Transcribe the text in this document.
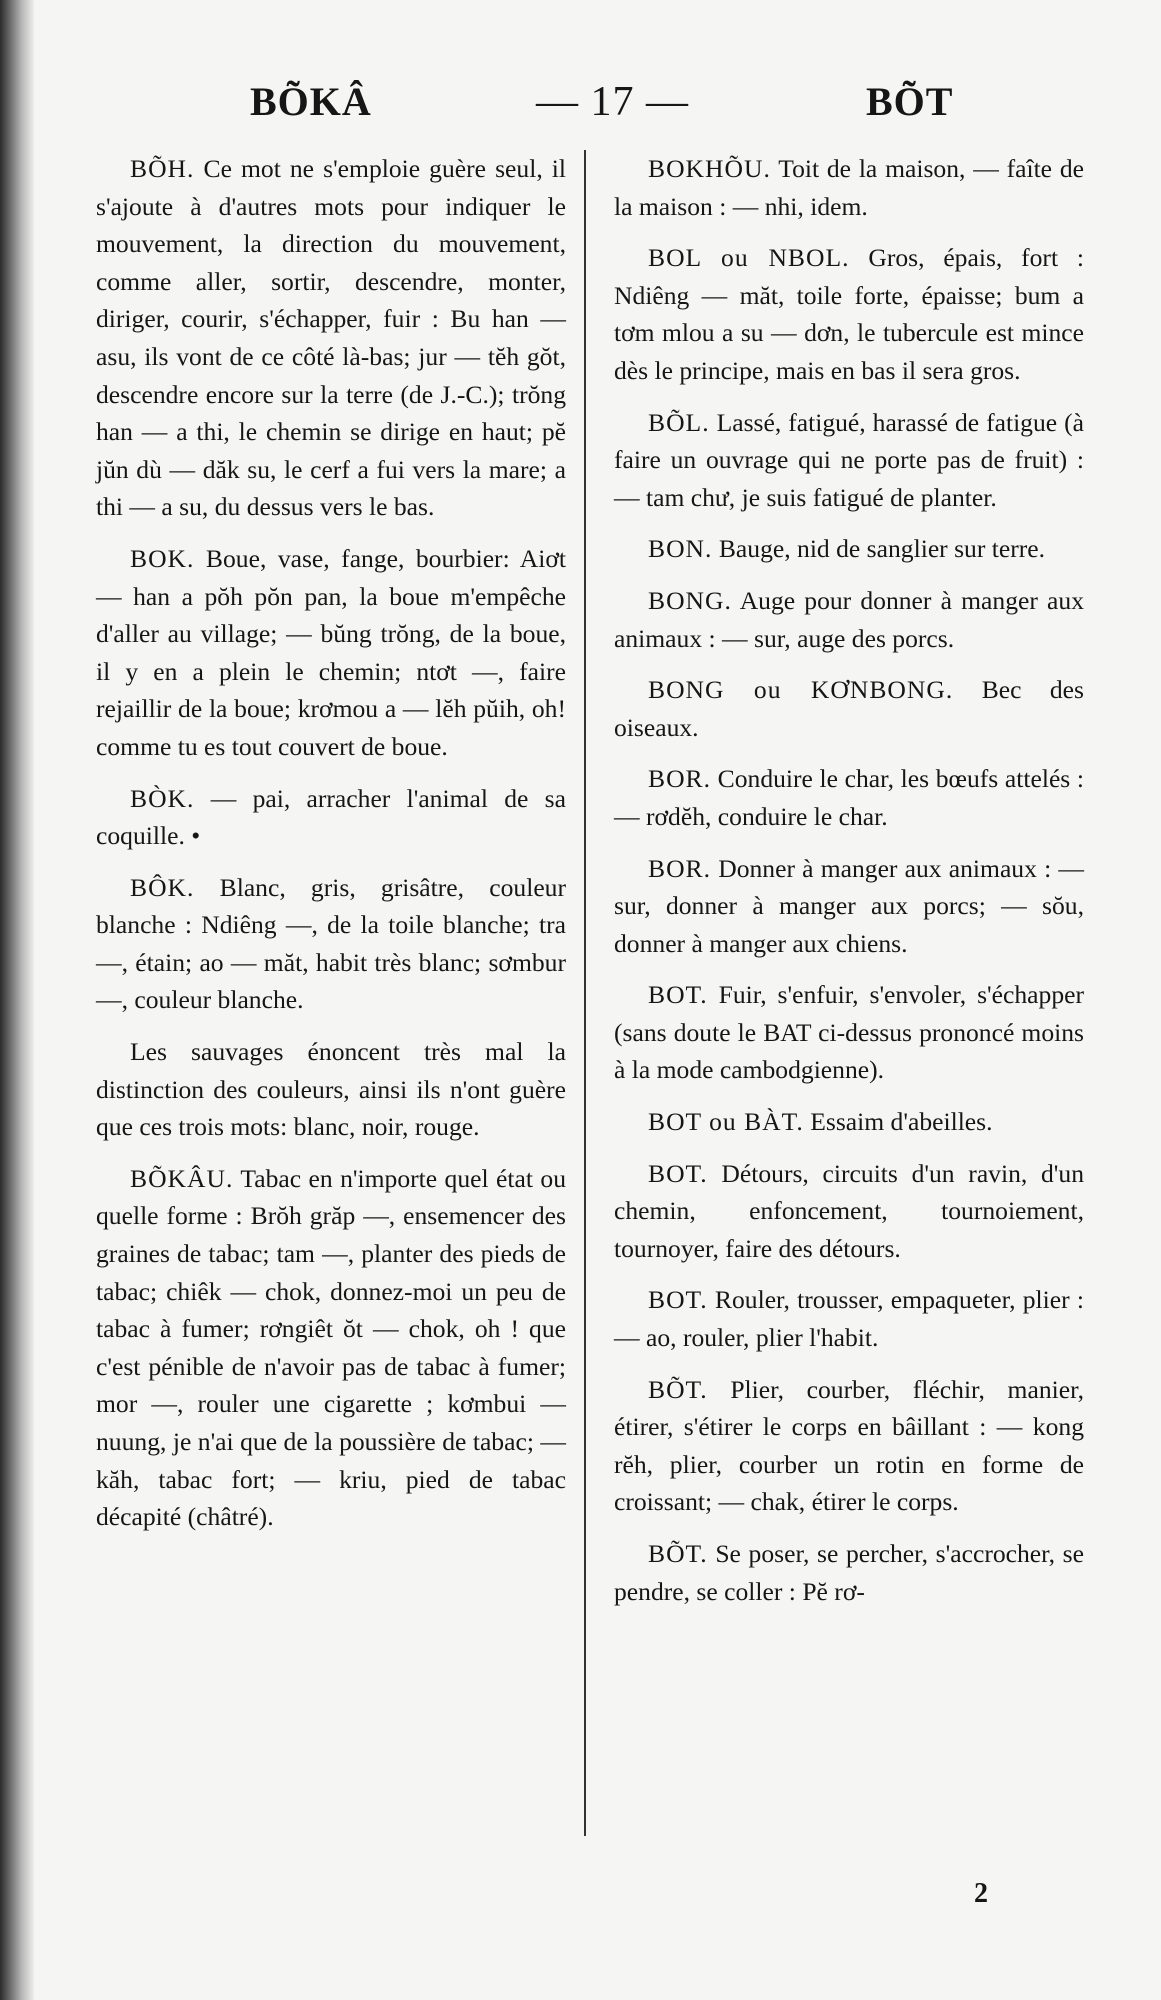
BÕKÂ	— 17 —	BÕT

BÕH. Ce mot ne s'emploie guère seul, il s'ajoute à d'autres mots pour indiquer le mouvement, la direction du mouvement, comme aller, sortir, descendre, monter, diriger, courir, s'échapper, fuir : Bu han — asu, ils vont de ce côté là-bas; jur — tĕh gŏt, descendre encore sur la terre (de J.-C.); trŏng han — a thi, le chemin se dirige en haut; pĕ jŭn dù — dăk su, le cerf a fui vers la mare; a thi — a su, du dessus vers le bas.

BOK. Boue, vase, fange, bourbier: Aiơt — han a pŏh pŏn pan, la boue m'empêche d'aller au village; — bŭng trŏng, de la boue, il y en a plein le chemin; ntơt —, faire rejaillir de la boue; krơmou a — lĕh pŭih, oh! comme tu es tout couvert de boue.

BÒK. — pai, arracher l'animal de sa coquille. •

BÔK. Blanc, gris, grisâtre, couleur blanche : Ndiêng —, de la toile blanche; tra —, étain; ao — măt, habit très blanc; sơmbur —, couleur blanche.

Les sauvages énoncent très mal la distinction des couleurs, ainsi ils n'ont guère que ces trois mots: blanc, noir, rouge.

BÕKÂU. Tabac en n'importe quel état ou quelle forme : Brŏh grăp —, ensemencer des graines de tabac; tam —, planter des pieds de tabac; chiêk — chok, donnez-moi un peu de tabac à fumer; rơngiêt ŏt — chok, oh ! que c'est pénible de n'avoir pas de tabac à fumer; mor —, rouler une cigarette ; kơmbui — nuung, je n'ai que de la poussière de tabac; — kăh, tabac fort; — kriu, pied de tabac décapité (châtré).

BOKHÕU. Toit de la maison, — faîte de la maison : — nhi, idem.

BOL ou NBOL. Gros, épais, fort : Ndiêng — măt, toile forte, épaisse; bum a tơm mlou a su — dơn, le tubercule est mince dès le principe, mais en bas il sera gros.

BÕL. Lassé, fatigué, harassé de fatigue (à faire un ouvrage qui ne porte pas de fruit) : — tam chư, je suis fatigué de planter.

BON. Bauge, nid de sanglier sur terre.

BONG. Auge pour donner à manger aux animaux : — sur, auge des porcs.

BONG ou KƠNBONG. Bec des oiseaux.

BOR. Conduire le char, les bœufs attelés : — rơdĕh, conduire le char.

BOR. Donner à manger aux animaux : — sur, donner à manger aux porcs; — sŏu, donner à manger aux chiens.

BOT. Fuir, s'enfuir, s'envoler, s'échapper (sans doute le BAT ci-dessus prononcé moins à la mode cambodgienne).

BOT ou BÀT. Essaim d'abeilles.

BOT. Détours, circuits d'un ravin, d'un chemin, enfoncement, tournoiement, tournoyer, faire des détours.

BOT. Rouler, trousser, empaqueter, plier : — ao, rouler, plier l'habit.

BÕT. Plier, courber, fléchir, manier, étirer, s'étirer le corps en bâillant : — kong rĕh, plier, courber un rotin en forme de croissant; — chak, étirer le corps.

BÕT. Se poser, se percher, s'accrocher, se pendre, se coller : Pĕ rơ-

2
